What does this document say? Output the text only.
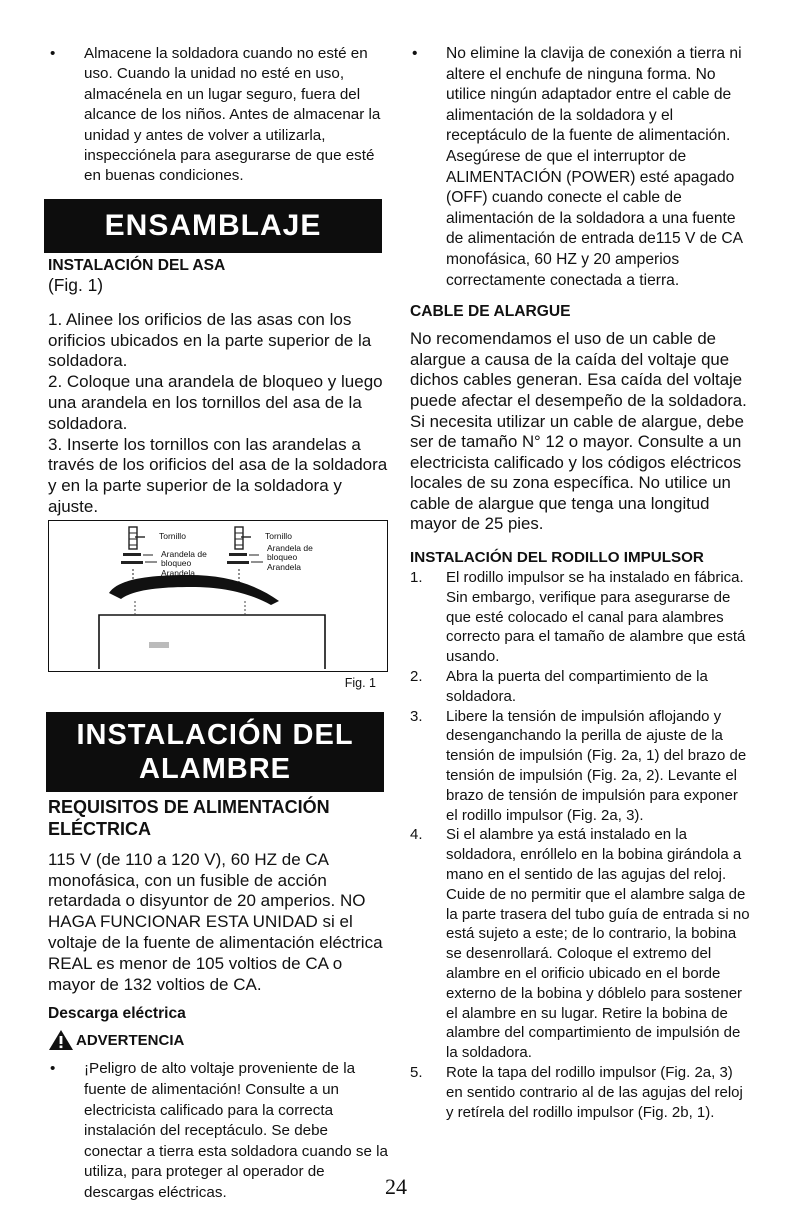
•	Almacene la soldadora cuando no esté en uso. Cuando la unidad no esté en uso, almacénela en un lugar seguro, fuera del alcance de los niños. Antes de almacenar la unidad y antes de volver a utilizarla, inspecciónela para asegurarse de que esté en buenas condiciones.
ENSAMBLAJE
INSTALACIÓN DEL ASA
(Fig. 1)

1. Alinee los orificios de las asas con los orificios ubicados en la parte superior de la soldadora.

2. Coloque una arandela de bloqueo y luego una arandela en los tornillos del asa de la soldadora.

3. Inserte los tornillos con las arandelas a través de los orificios del asa de la soldadora y en la parte superior de la soldadora y ajuste.

Tornillo
Arandela de
bloqueo
Arandela
Tornillo
Arandela de
bloqueo
Arandela
Fig. 1
INSTALACIÓN DEL
ALAMBRE
REQUISITOS DE ALIMENTACIÓN
ELÉCTRICA

115 V (de 110 a 120 V), 60 HZ de CA monofásica, con un fusible de acción retardada o disyuntor de 20 amperios. NO HAGA FUNCIONAR ESTA UNIDAD si el voltaje de la fuente de alimentación eléctrica REAL es menor de 105 voltios de CA o mayor de 132 voltios de CA.

Descarga eléctrica
ADVERTENCIA
•	¡Peligro de alto voltaje proveniente de la fuente de alimentación! Consulte a un electricista calificado para la correcta instalación del receptáculo. Se debe conectar a tierra esta soldadora cuando se la utiliza, para proteger al operador de descargas eléctricas.
•	No elimine la clavija de conexión a tierra ni altere el enchufe de ninguna forma. No utilice ningún adaptador entre el cable de alimentación de la soldadora y el receptáculo de la fuente de alimentación. Asegúrese de que el interruptor de ALIMENTACIÓN (POWER) esté apagado (OFF) cuando conecte el cable de alimentación de la soldadora a una fuente de alimentación de entrada de115 V de CA monofásica, 60 HZ y 20 amperios correctamente conectada a tierra.
CABLE DE ALARGUE

No recomendamos el uso de un cable de alargue a causa de la caída del voltaje que dichos cables generan. Esa caída del voltaje puede afectar el desempeño de la soldadora. Si necesita utilizar un cable de alargue, debe ser de tamaño N° 12 o mayor. Consulte a un electricista calificado y los códigos eléctricos locales de su zona específica. No utilice un cable de alargue que tenga una longitud mayor de 25 pies.

INSTALACIÓN DEL RODILLO IMPULSOR
1.	El rodillo impulsor se ha instalado en fábrica. Sin embargo, verifique para asegurarse de que esté colocado el canal para alambres correcto para el tamaño de alambre que está usando.
2.	Abra la puerta del compartimiento de la soldadora.
3.	Libere la tensión de impulsión aflojando y desenganchando la perilla de ajuste de la tensión de impulsión (Fig. 2a, 1) del brazo de tensión de impulsión (Fig. 2a, 2). Levante el brazo de tensión de impulsión para exponer el rodillo impulsor (Fig. 2a, 3).
4.	Si el alambre ya está instalado en la soldadora, enróllelo en la bobina girándola a mano en el sentido de las agujas del reloj. Cuide de no permitir que el alambre salga de la parte trasera del tubo guía de entrada si no está sujeto a este; de lo contrario, la bobina se desenrollará. Coloque el extremo del alambre en el orificio ubicado en el borde externo de la bobina y dóblelo para sostener el alambre en su lugar. Retire la bobina de alambre del compartimiento de impulsión de la soldadora.
5.	Rote la tapa del rodillo impulsor (Fig. 2a, 3) en sentido contrario al de las agujas del reloj y retírela del rodillo impulsor (Fig. 2b, 1).
24
